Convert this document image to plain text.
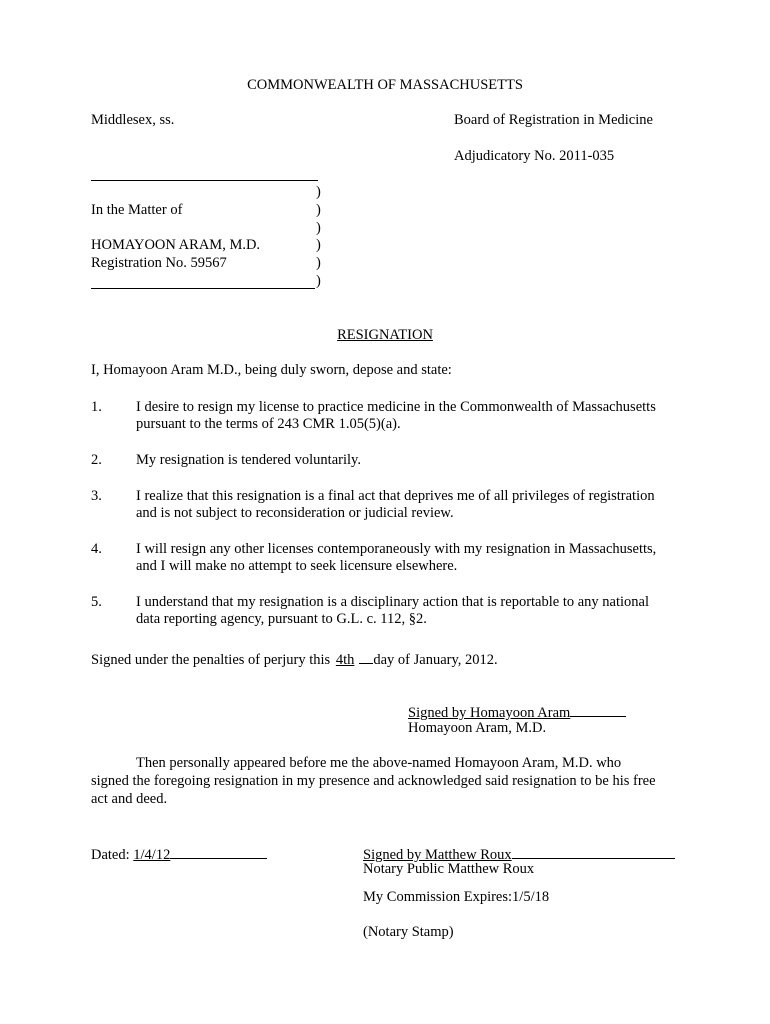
COMMONWEALTH OF MASSACHUSETTS
Middlesex, ss.	Board of Registration in Medicine
Adjudicatory No. 2011-035
In the Matter of
HOMAYOON ARAM, M.D.
Registration No. 59567
)
)
)
)
)
)
RESIGNATION
I, Homayoon Aram M.D., being duly sworn, depose and state:
1. I desire to resign my license to practice medicine in the Commonwealth of Massachusetts
pursuant to the terms of 243 CMR 1.05(5)(a).
2. My resignation is tendered voluntarily.
3. I realize that this resignation is a final act that deprives me of all privileges of registration
and is not subject to reconsideration or judicial review.
4. I will resign any other licenses contemporaneously with my resignation in Massachusetts,
and I will make no attempt to seek licensure elsewhere.
5. I understand that my resignation is a disciplinary action that is reportable to any national
data reporting agency, pursuant to G.L. c. 112, §2.
Signed under the penalties of perjury this 4th day of January, 2012.
Signed by Homayoon Aram
Homayoon Aram, M.D.
Then personally appeared before me the above-named Homayoon Aram, M.D. who
signed the foregoing resignation in my presence and acknowledged said resignation to be his free
act and deed.
Dated: 1/4/12	Signed by Matthew Roux
Notary Public Matthew Roux
My Commission Expires:1/5/18
(Notary Stamp)
